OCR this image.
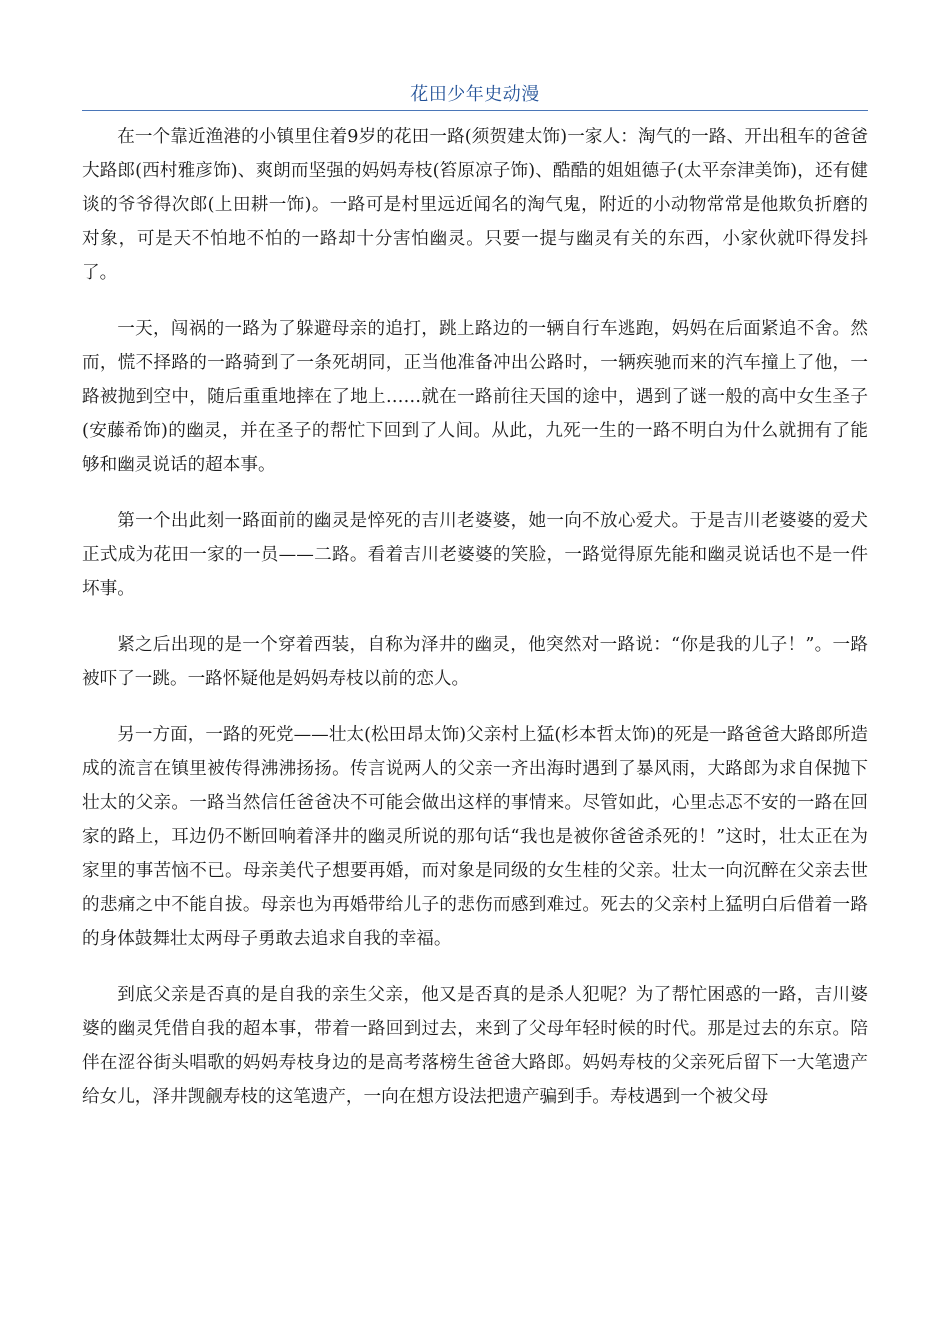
花田少年史动漫

在一个靠近渔港的小镇里住着9岁的花田一路(须贺建太饰)一家人：淘气的一路、开出租车的爸爸大路郎(西村雅彦饰)、爽朗而坚强的妈妈寿枝(笞原凉子饰)、酷酷的姐姐德子(太平奈津美饰)，还有健谈的爷爷得次郎(上田耕一饰)。一路可是村里远近闻名的淘气鬼，附近的小动物常常是他欺负折磨的对象，可是天不怕地不怕的一路却十分害怕幽灵。只要一提与幽灵有关的东西，小家伙就吓得发抖了。

一天，闯祸的一路为了躲避母亲的追打，跳上路边的一辆自行车逃跑，妈妈在后面紧追不舍。然而，慌不择路的一路骑到了一条死胡同，正当他准备冲出公路时，一辆疾驰而来的汽车撞上了他，一路被抛到空中，随后重重地摔在了地上……就在一路前往天国的途中，遇到了谜一般的高中女生圣子(安藤希饰)的幽灵，并在圣子的帮忙下回到了人间。从此，九死一生的一路不明白为什么就拥有了能够和幽灵说话的超本事。

第一个出此刻一路面前的幽灵是悴死的吉川老婆婆，她一向不放心爱犬。于是吉川老婆婆的爱犬正式成为花田一家的一员——二路。看着吉川老婆婆的笑脸，一路觉得原先能和幽灵说话也不是一件坏事。

紧之后出现的是一个穿着西装，自称为泽井的幽灵，他突然对一路说：“你是我的儿子！”。一路被吓了一跳。一路怀疑他是妈妈寿枝以前的恋人。

另一方面，一路的死党——壮太(松田昂太饰)父亲村上猛(杉本哲太饰)的死是一路爸爸大路郎所造成的流言在镇里被传得沸沸扬扬。传言说两人的父亲一齐出海时遇到了暴风雨，大路郎为求自保抛下壮太的父亲。一路当然信任爸爸决不可能会做出这样的事情来。尽管如此，心里忐忑不安的一路在回家的路上，耳边仍不断回响着泽井的幽灵所说的那句话“我也是被你爸爸杀死的！”这时，壮太正在为家里的事苦恼不已。母亲美代子想要再婚，而对象是同级的女生桂的父亲。壮太一向沉醉在父亲去世的悲痛之中不能自拔。母亲也为再婚带给儿子的悲伤而感到难过。死去的父亲村上猛明白后借着一路的身体鼓舞壮太两母子勇敢去追求自我的幸福。

到底父亲是否真的是自我的亲生父亲，他又是否真的是杀人犯呢？为了帮忙困惑的一路，吉川婆婆的幽灵凭借自我的超本事，带着一路回到过去，来到了父母年轻时候的时代。那是过去的东京。陪伴在涩谷街头唱歌的妈妈寿枝身边的是高考落榜生爸爸大路郎。妈妈寿枝的父亲死后留下一大笔遗产给女儿，泽井觊觎寿枝的这笔遗产，一向在想方设法把遗产骗到手。寿枝遇到一个被父母
